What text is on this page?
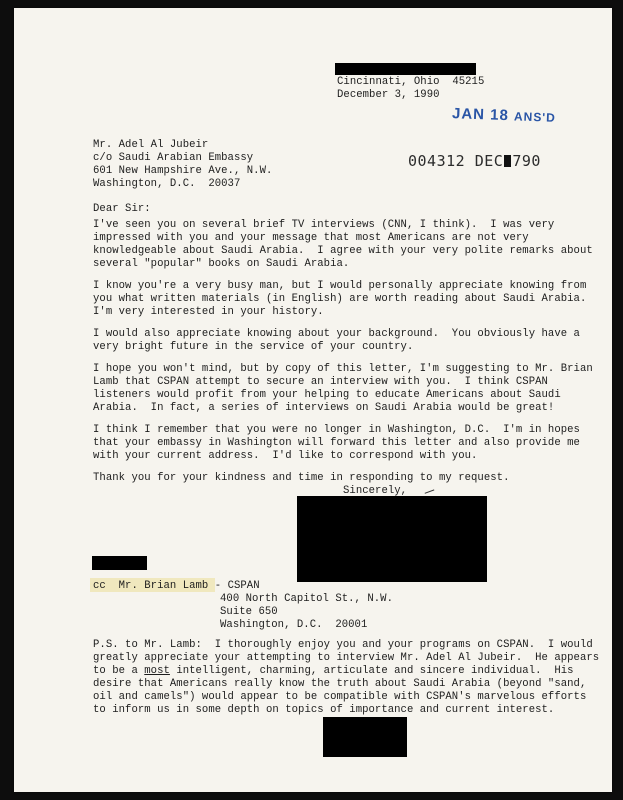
Cincinnati, Ohio  45215
December 3, 1990
JAN 18 ANS'D
004312 DEC 790
Mr. Adel Al Jubeir
c/o Saudi Arabian Embassy
601 New Hampshire Ave., N.W.
Washington, D.C.  20037
Dear Sir:
I've seen you on several brief TV interviews (CNN, I think).  I was very
impressed with you and your message that most Americans are not very
knowledgeable about Saudi Arabia.  I agree with your very polite remarks about
several "popular" books on Saudi Arabia.
I know you're a very busy man, but I would personally appreciate knowing from
you what written materials (in English) are worth reading about Saudi Arabia.
I'm very interested in your history.
I would also appreciate knowing about your background.  You obviously have a
very bright future in the service of your country.
I hope you won't mind, but by copy of this letter, I'm suggesting to Mr. Brian
Lamb that CSPAN attempt to secure an interview with you.  I think CSPAN
listeners would profit from your helping to educate Americans about Saudi
Arabia.  In fact, a series of interviews on Saudi Arabia would be great!
I think I remember that you were no longer in Washington, D.C.  I'm in hopes
that your embassy in Washington will forward this letter and also provide me
with your current address.  I'd like to correspond with you.
Thank you for your kindness and time in responding to my request.
Sincerely,
cc  Mr. Brian Lamb - CSPAN
400 North Capitol St., N.W.
Suite 650
Washington, D.C.  20001
P.S. to Mr. Lamb:  I thoroughly enjoy you and your programs on CSPAN.  I would
greatly appreciate your attempting to interview Mr. Adel Al Jubeir.  He appears
to be a most intelligent, charming, articulate and sincere individual.  His
desire that Americans really know the truth about Saudi Arabia (beyond "sand,
oil and camels") would appear to be compatible with CSPAN's marvelous efforts
to inform us in some depth on topics of importance and current interest.
